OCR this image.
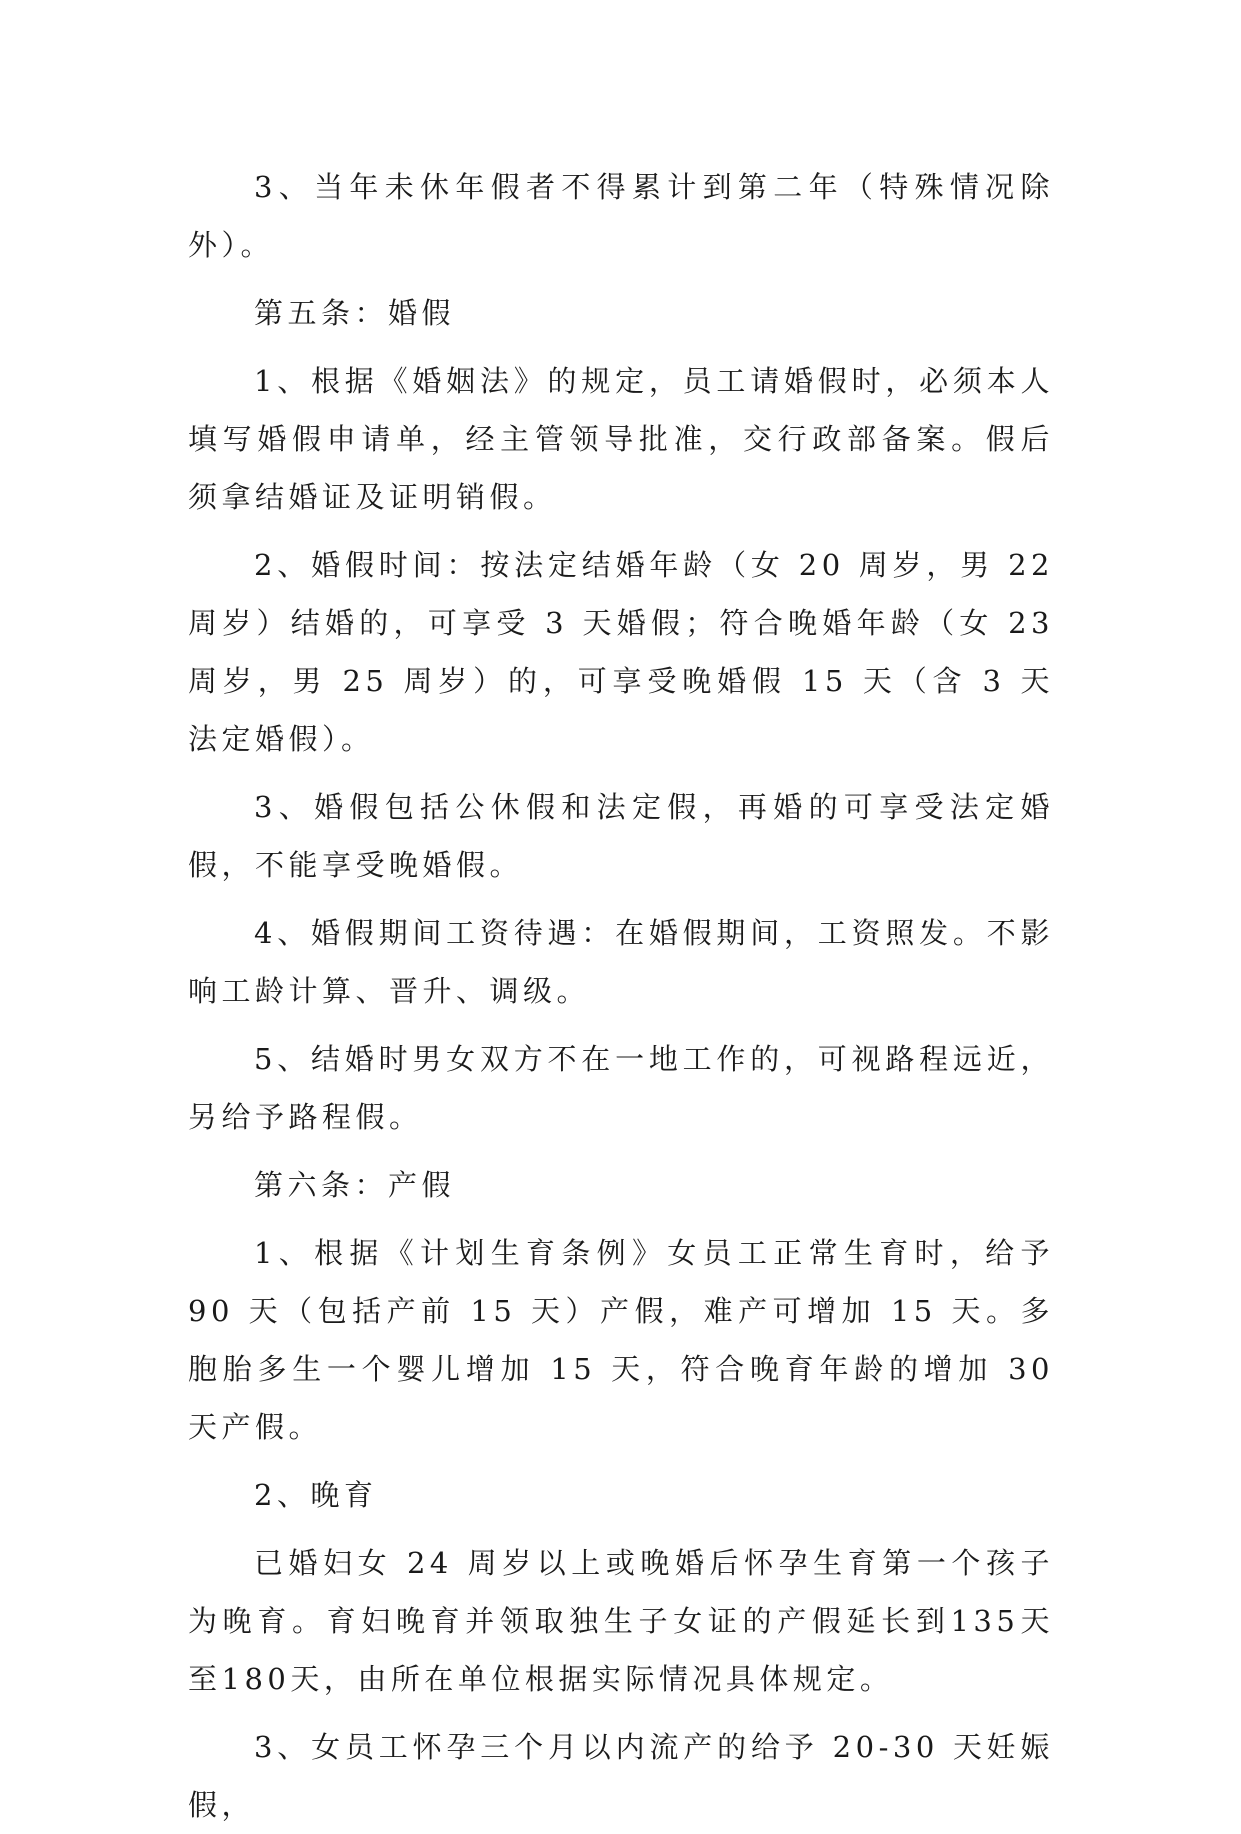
3、当年未休年假者不得累计到第二年（特殊情况除外）。

第五条：婚假

1、根据《婚姻法》的规定，员工请婚假时，必须本人填写婚假申请单，经主管领导批准，交行政部备案。假后须拿结婚证及证明销假。

2、婚假时间：按法定结婚年龄（女 20 周岁，男 22 周岁）结婚的，可享受 3 天婚假；符合晚婚年龄（女 23 周岁，男 25 周岁）的，可享受晚婚假 15 天（含 3 天法定婚假）。

3、婚假包括公休假和法定假，再婚的可享受法定婚假，不能享受晚婚假。

4、婚假期间工资待遇：在婚假期间，工资照发。不影响工龄计算、晋升、调级。

5、结婚时男女双方不在一地工作的，可视路程远近，另给予路程假。

第六条：产假

1、根据《计划生育条例》女员工正常生育时，给予 90 天（包括产前 15 天）产假，难产可增加 15 天。多胞胎多生一个婴儿增加 15 天，符合晚育年龄的增加 30 天产假。

2、晚育

已婚妇女 24 周岁以上或晚婚后怀孕生育第一个孩子为晚育。育妇晚育并领取独生子女证的产假延长到135天至180天，由所在单位根据实际情况具体规定。

3、女员工怀孕三个月以内流产的给予 20-30 天妊娠假，
